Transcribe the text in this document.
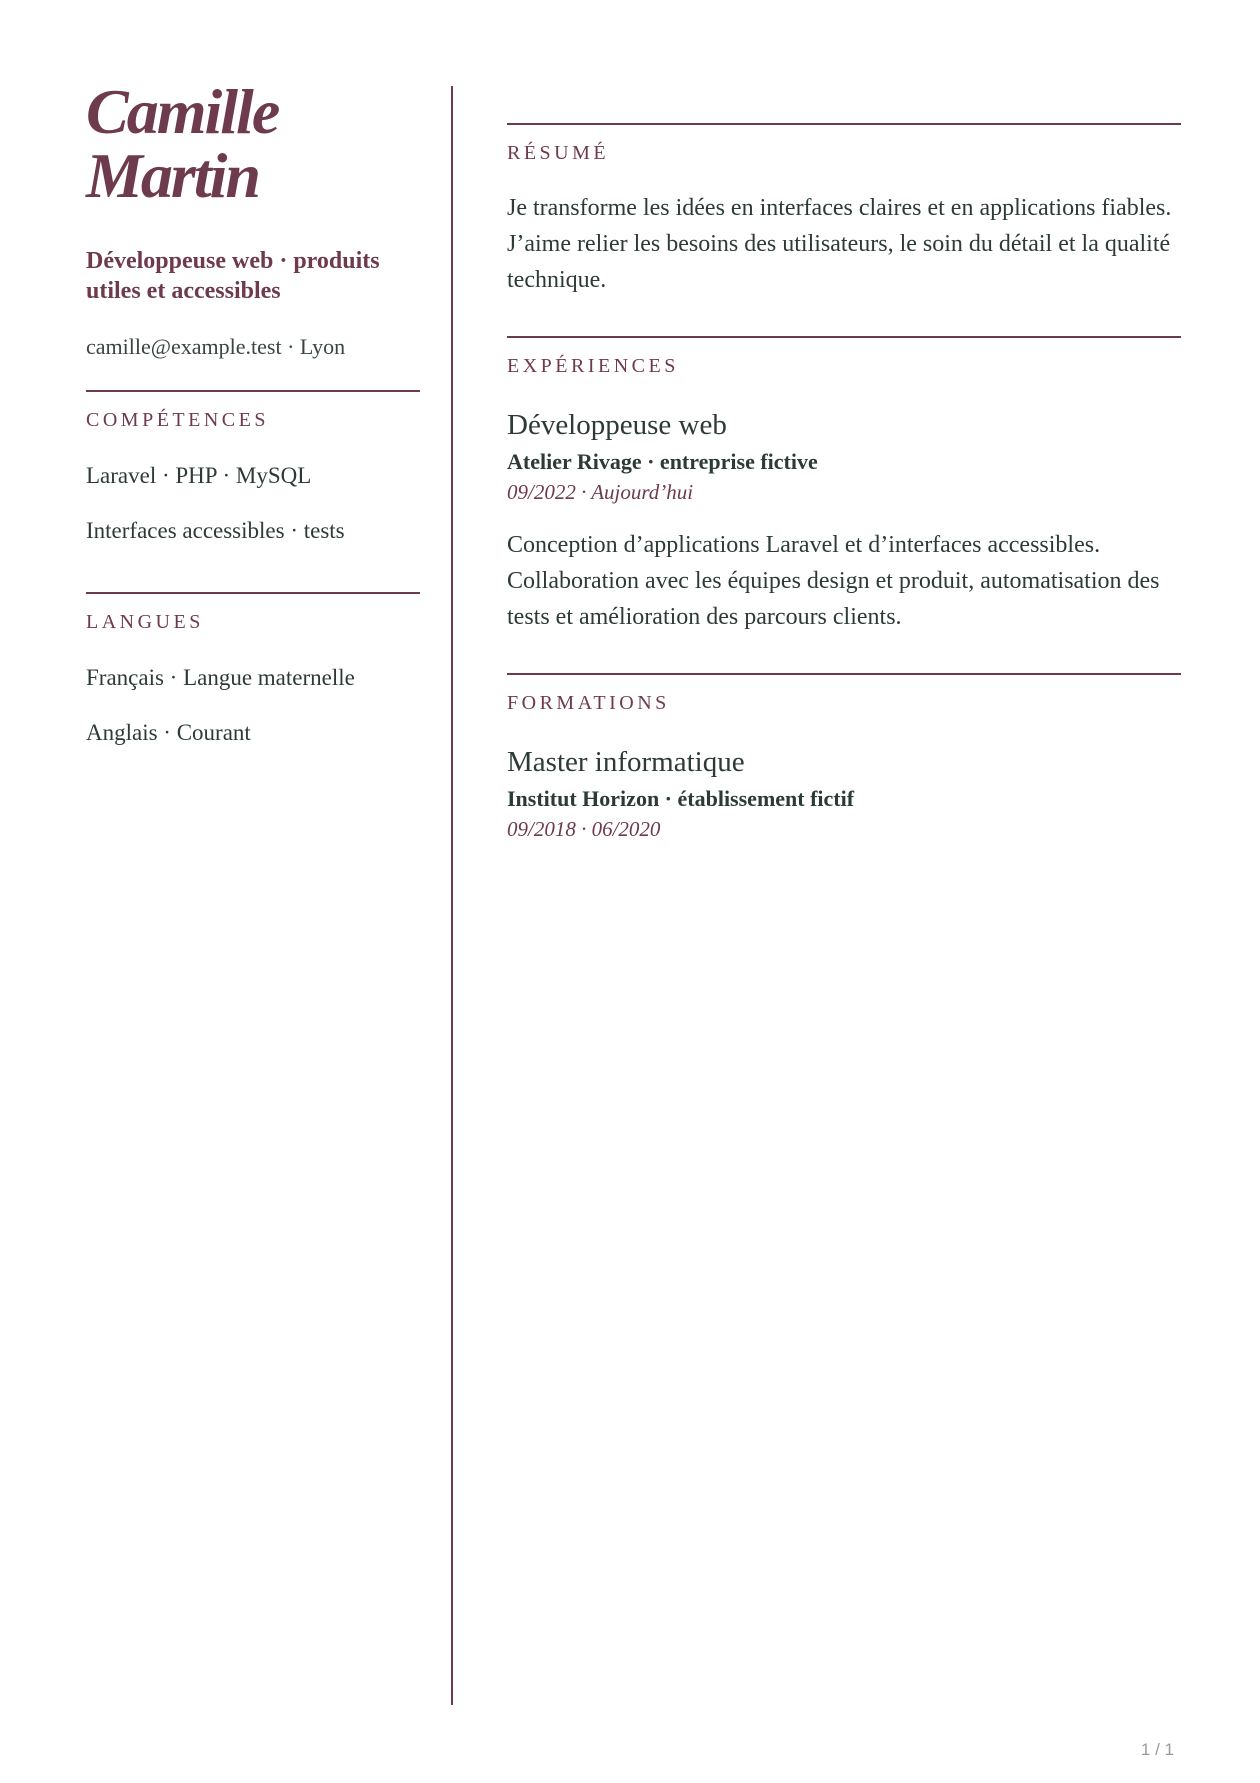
Camille
Martin
Développeuse web · produits utiles et accessibles
camille@example.test · Lyon
COMPÉTENCES
Laravel · PHP · MySQL
Interfaces accessibles · tests
LANGUES
Français · Langue maternelle
Anglais · Courant
RÉSUMÉ
Je transforme les idées en interfaces claires et en applications fiables. J’aime relier les besoins des utilisateurs, le soin du détail et la qualité technique.
EXPÉRIENCES
Développeuse web
Atelier Rivage · entreprise fictive
09/2022 · Aujourd’hui
Conception d’applications Laravel et d’interfaces accessibles. Collaboration avec les équipes design et produit, automatisation des tests et amélioration des parcours clients.
FORMATIONS
Master informatique
Institut Horizon · établissement fictif
09/2018 · 06/2020
1 / 1
